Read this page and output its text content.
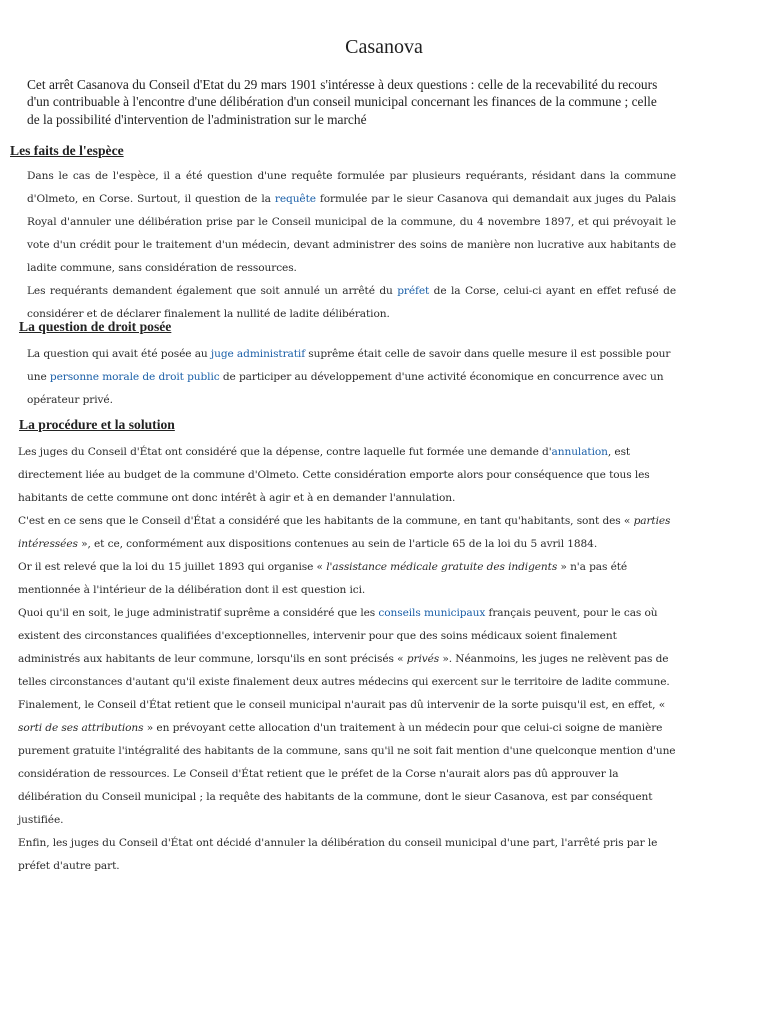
Casanova
Cet arrêt Casanova du Conseil d'Etat du 29 mars 1901 s'intéresse à deux questions : celle de la recevabilité du recours d'un contribuable à l'encontre d'une délibération d'un conseil municipal concernant les finances de la commune ; celle de la possibilité d'intervention de l'administration sur le marché
Les faits de l'espèce

Dans le cas de l'espèce, il a été question d'une requête formulée par plusieurs requérants, résidant dans la commune d'Olmeto, en Corse. Surtout, il question de la requête formulée par le sieur Casanova qui demandait aux juges du Palais Royal d'annuler une délibération prise par le Conseil municipal de la commune, du 4 novembre 1897, et qui prévoyait le vote d'un crédit pour le traitement d'un médecin, devant administrer des soins de manière non lucrative aux habitants de ladite commune, sans considération de ressources.

Les requérants demandent également que soit annulé un arrêté du préfet de la Corse, celui-ci ayant en effet refusé de considérer et de déclarer finalement la nullité de ladite délibération.

La question de droit posée

La question qui avait été posée au juge administratif suprême était celle de savoir dans quelle mesure il est possible pour une personne morale de droit public de participer au développement d'une activité économique en concurrence avec un opérateur privé.

La procédure et la solution

Les juges du Conseil d'État ont considéré que la dépense, contre laquelle fut formée une demande d'annulation, est directement liée au budget de la commune d'Olmeto. Cette considération emporte alors pour conséquence que tous les habitants de cette commune ont donc intérêt à agir et à en demander l'annulation.

C'est en ce sens que le Conseil d'État a considéré que les habitants de la commune, en tant qu'habitants, sont des « parties intéressées », et ce, conformément aux dispositions contenues au sein de l'article 65 de la loi du 5 avril 1884.

Or il est relevé que la loi du 15 juillet 1893 qui organise « l'assistance médicale gratuite des indigents » n'a pas été mentionnée à l'intérieur de la délibération dont il est question ici.

Quoi qu'il en soit, le juge administratif suprême a considéré que les conseils municipaux français peuvent, pour le cas où existent des circonstances qualifiées d'exceptionnelles, intervenir pour que des soins médicaux soient finalement administrés aux habitants de leur commune, lorsqu'ils en sont précisés « privés ». Néanmoins, les juges ne relèvent pas de telles circonstances d'autant qu'il existe finalement deux autres médecins qui exercent sur le territoire de ladite commune.

Finalement, le Conseil d'État retient que le conseil municipal n'aurait pas dû intervenir de la sorte puisqu'il est, en effet, « sorti de ses attributions » en prévoyant cette allocation d'un traitement à un médecin pour que celui-ci soigne de manière purement gratuite l'intégralité des habitants de la commune, sans qu'il ne soit fait mention d'une quelconque mention d'une considération de ressources. Le Conseil d'État retient que le préfet de la Corse n'aurait alors pas dû approuver la délibération du Conseil municipal ; la requête des habitants de la commune, dont le sieur Casanova, est par conséquent justifiée.

Enfin, les juges du Conseil d'État ont décidé d'annuler la délibération du conseil municipal d'une part, l'arrêté pris par le préfet d'autre part.
